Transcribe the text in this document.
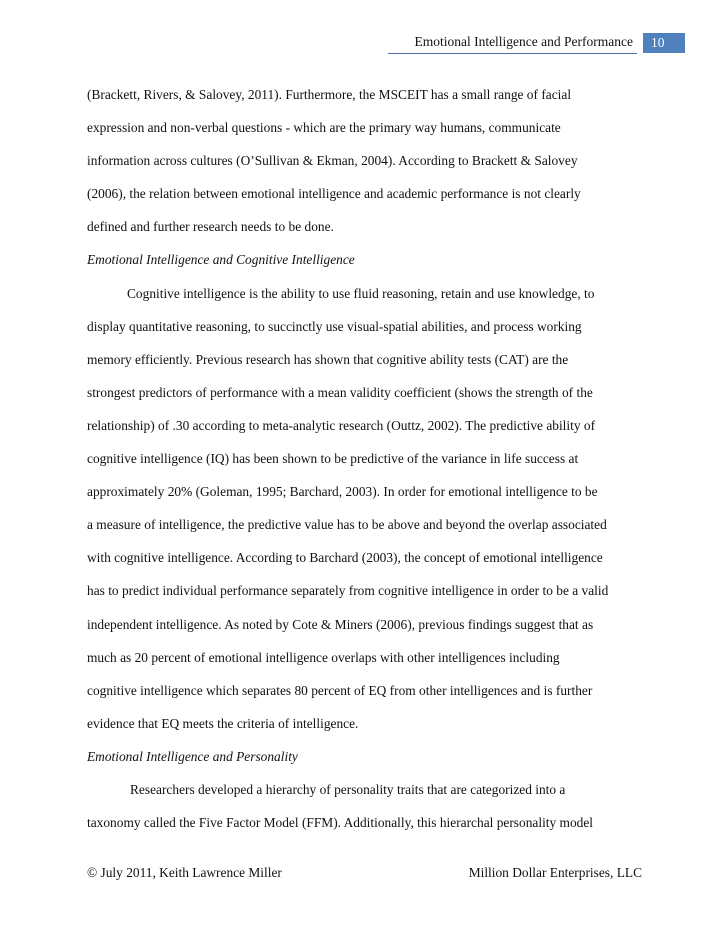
Emotional Intelligence and Performance	10
(Brackett, Rivers, & Salovey, 2011). Furthermore, the MSCEIT has a small range of facial
expression and non-verbal questions - which are the primary way humans, communicate
information across cultures (O’Sullivan & Ekman, 2004). According to Brackett & Salovey
(2006), the relation between emotional intelligence and academic performance is not clearly
defined and further research needs to be done.
Emotional Intelligence and Cognitive Intelligence
Cognitive intelligence is the ability to use fluid reasoning, retain and use knowledge, to
display quantitative reasoning, to succinctly use visual-spatial abilities, and process working
memory efficiently. Previous research has shown that cognitive ability tests (CAT) are the
strongest predictors of performance with a mean validity coefficient (shows the strength of the
relationship) of .30 according to meta-analytic research (Outtz, 2002). The predictive ability of
cognitive intelligence (IQ) has been shown to be predictive of the variance in life success at
approximately 20% (Goleman, 1995; Barchard, 2003). In order for emotional intelligence to be
a measure of intelligence, the predictive value has to be above and beyond the overlap associated
with cognitive intelligence. According to Barchard (2003), the concept of emotional intelligence
has to predict individual performance separately from cognitive intelligence in order to be a valid
independent intelligence. As noted by Cote & Miners (2006), previous findings suggest that as
much as 20 percent of emotional intelligence overlaps with other intelligences including
cognitive intelligence which separates 80 percent of EQ from other intelligences and is further
evidence that EQ meets the criteria of intelligence.
Emotional Intelligence and Personality
Researchers developed a hierarchy of personality traits that are categorized into a
taxonomy called the Five Factor Model (FFM). Additionally, this hierarchal personality model
© July 2011, Keith Lawrence Miller	Million Dollar Enterprises, LLC
